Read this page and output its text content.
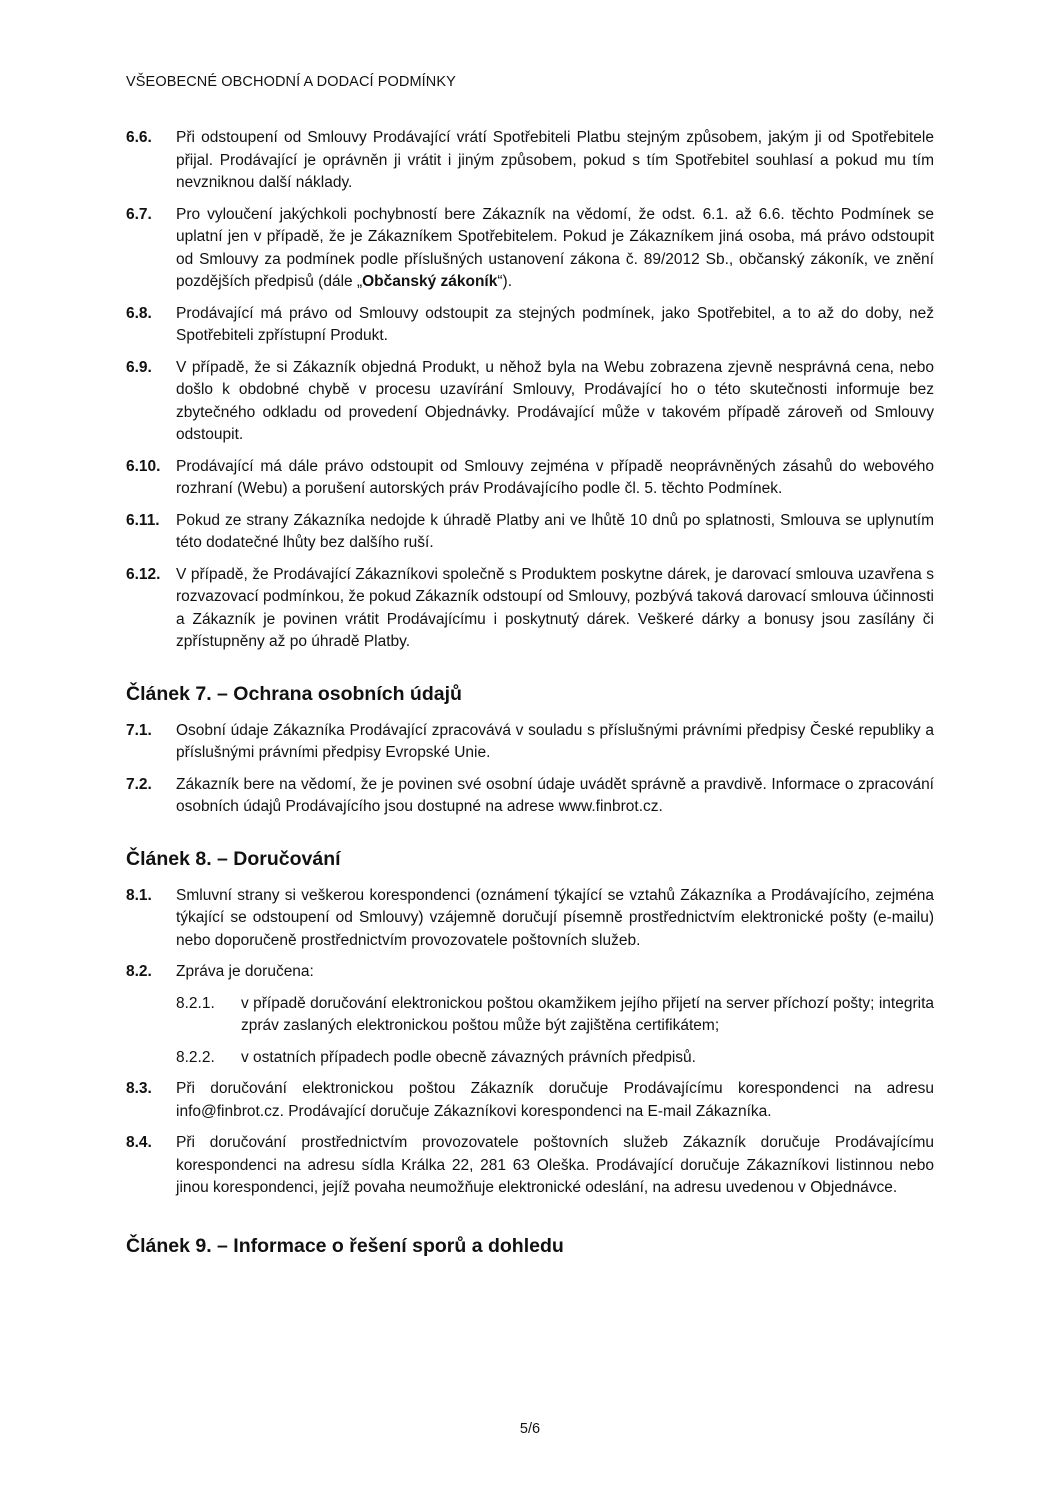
VŠEOBECNÉ OBCHODNÍ A DODACÍ PODMÍNKY
6.6.	Při odstoupení od Smlouvy Prodávající vrátí Spotřebiteli Platbu stejným způsobem, jakým ji od Spotřebitele přijal. Prodávající je oprávněn ji vrátit i jiným způsobem, pokud s tím Spotřebitel souhlasí a pokud mu tím nevzniknou další náklady.
6.7.	Pro vyloučení jakýchkoli pochybností bere Zákazník na vědomí, že odst. 6.1. až 6.6. těchto Podmínek se uplatní jen v případě, že je Zákazníkem Spotřebitelem. Pokud je Zákazníkem jiná osoba, má právo odstoupit od Smlouvy za podmínek podle příslušných ustanovení zákona č. 89/2012 Sb., občanský zákoník, ve znění pozdějších předpisů (dále „Občanský zákoník“).
6.8.	Prodávající má právo od Smlouvy odstoupit za stejných podmínek, jako Spotřebitel, a to až do doby, než Spotřebiteli zpřístupní Produkt.
6.9.	V případě, že si Zákazník objedná Produkt, u něhož byla na Webu zobrazena zjevně nesprávná cena, nebo došlo k obdobné chybě v procesu uzavírání Smlouvy, Prodávající ho o této skutečnosti informuje bez zbytečného odkladu od provedení Objednávky. Prodávající může v takovém případě zároveň od Smlouvy odstoupit.
6.10.	Prodávající má dále právo odstoupit od Smlouvy zejména v případě neoprávněných zásahů do webového rozhraní (Webu) a porušení autorských práv Prodávajícího podle čl. 5. těchto Podmínek.
6.11.	Pokud ze strany Zákazníka nedojde k úhradě Platby ani ve lhůtě 10 dnů po splatnosti, Smlouva se uplynutím této dodatečné lhůty bez dalšího ruší.
6.12.	V případě, že Prodávající Zákazníkovi společně s Produktem poskytne dárek, je darovací smlouva uzavřena s rozvazovací podmínkou, že pokud Zákazník odstoupí od Smlouvy, pozbývá taková darovací smlouva účinnosti a Zákazník je povinen vrátit Prodávajícímu i poskytnutý dárek. Veškeré dárky a bonusy jsou zasílány či zpřístupněny až po úhradě Platby.
Článek 7. – Ochrana osobních údajů
7.1.	Osobní údaje Zákazníka Prodávající zpracovává v souladu s příslušnými právními předpisy České republiky a příslušnými právními předpisy Evropské Unie.
7.2.	Zákazník bere na vědomí, že je povinen své osobní údaje uvádět správně a pravdivě. Informace o zpracování osobních údajů Prodávajícího jsou dostupné na adrese www.finbrot.cz.
Článek 8. – Doručování
8.1.	Smluvní strany si veškerou korespondenci (oznámení týkající se vztahů Zákazníka a Prodávajícího, zejména týkající se odstoupení od Smlouvy) vzájemně doručují písemně prostřednictvím elektronické pošty (e-mailu) nebo doporučeně prostřednictvím provozovatele poštovních služeb.
8.2.	Zpráva je doručena:
8.2.1.	v případě doručování elektronickou poštou okamžikem jejího přijetí na server příchozí pošty; integrita zpráv zaslaných elektronickou poštou může být zajištěna certifikátem;
8.2.2.	v ostatních případech podle obecně závazných právních předpisů.
8.3.	Při doručování elektronickou poštou Zákazník doručuje Prodávajícímu korespondenci na adresu info@finbrot.cz. Prodávající doručuje Zákazníkovi korespondenci na E-mail Zákazníka.
8.4.	Při doručování prostřednictvím provozovatele poštovních služeb Zákazník doručuje Prodávajícímu korespondenci na adresu sídla Králka 22, 281 63 Oleška. Prodávající doručuje Zákazníkovi listinnou nebo jinou korespondenci, jejíž povaha neumožňuje elektronické odeslání, na adresu uvedenou v Objednávce.
Článek 9. – Informace o řešení sporů a dohledu
5/6
